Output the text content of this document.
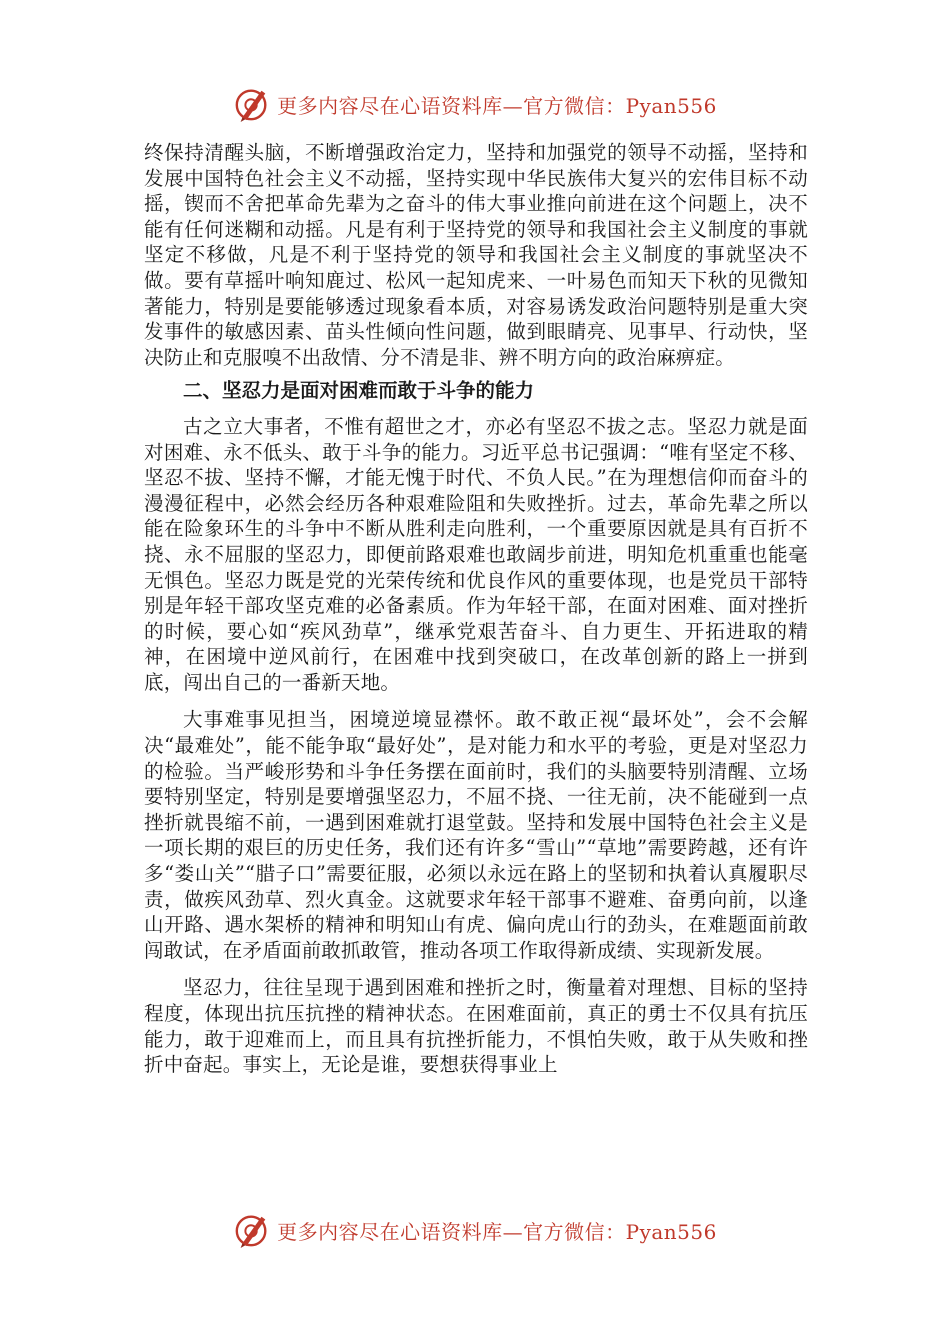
更多内容尽在心语资料库—官方微信：Pyan556

终保持清醒头脑，不断增强政治定力，坚持和加强党的领导不动摇，坚持和发展中国特色社会主义不动摇，坚持实现中华民族伟大复兴的宏伟目标不动摇，锲而不舍把革命先辈为之奋斗的伟大事业推向前进在这个问题上，决不能有任何迷糊和动摇。凡是有利于坚持党的领导和我国社会主义制度的事就坚定不移做，凡是不利于坚持党的领导和我国社会主义制度的事就坚决不做。要有草摇叶响知鹿过、松风一起知虎来、一叶易色而知天下秋的见微知著能力，特别是要能够透过现象看本质，对容易诱发政治问题特别是重大突发事件的敏感因素、苗头性倾向性问题，做到眼睛亮、见事早、行动快，坚决防止和克服嗅不出敌情、分不清是非、辨不明方向的政治麻痹症。

二、坚忍力是面对困难而敢于斗争的能力

古之立大事者，不惟有超世之才，亦必有坚忍不拔之志。坚忍力就是面对困难、永不低头、敢于斗争的能力。习近平总书记强调：“唯有坚定不移、坚忍不拔、坚持不懈，才能无愧于时代、不负人民。”在为理想信仰而奋斗的漫漫征程中，必然会经历各种艰难险阻和失败挫折。过去，革命先辈之所以能在险象环生的斗争中不断从胜利走向胜利，一个重要原因就是具有百折不挠、永不屈服的坚忍力，即便前路艰难也敢阔步前进，明知危机重重也能毫无惧色。坚忍力既是党的光荣传统和优良作风的重要体现，也是党员干部特别是年轻干部攻坚克难的必备素质。作为年轻干部，在面对困难、面对挫折的时候，要心如“疾风劲草”，继承党艰苦奋斗、自力更生、开拓进取的精神，在困境中逆风前行，在困难中找到突破口，在改革创新的路上一拼到底，闯出自己的一番新天地。

大事难事见担当，困境逆境显襟怀。敢不敢正视“最坏处”，会不会解决“最难处”，能不能争取“最好处”，是对能力和水平的考验，更是对坚忍力的检验。当严峻形势和斗争任务摆在面前时，我们的头脑要特别清醒、立场要特别坚定，特别是要增强坚忍力，不屈不挠、一往无前，决不能碰到一点挫折就畏缩不前，一遇到困难就打退堂鼓。坚持和发展中国特色社会主义是一项长期的艰巨的历史任务，我们还有许多“雪山”“草地”需要跨越，还有许多“娄山关”“腊子口”需要征服，必须以永远在路上的坚韧和执着认真履职尽责，做疾风劲草、烈火真金。这就要求年轻干部事不避难、奋勇向前，以逢山开路、遇水架桥的精神和明知山有虎、偏向虎山行的劲头，在难题面前敢闯敢试，在矛盾面前敢抓敢管，推动各项工作取得新成绩、实现新发展。

坚忍力，往往呈现于遇到困难和挫折之时，衡量着对理想、目标的坚持程度，体现出抗压抗挫的精神状态。在困难面前，真正的勇士不仅具有抗压能力，敢于迎难而上，而且具有抗挫折能力，不惧怕失败，敢于从失败和挫折中奋起。事实上，无论是谁，要想获得事业上

更多内容尽在心语资料库—官方微信：Pyan556
